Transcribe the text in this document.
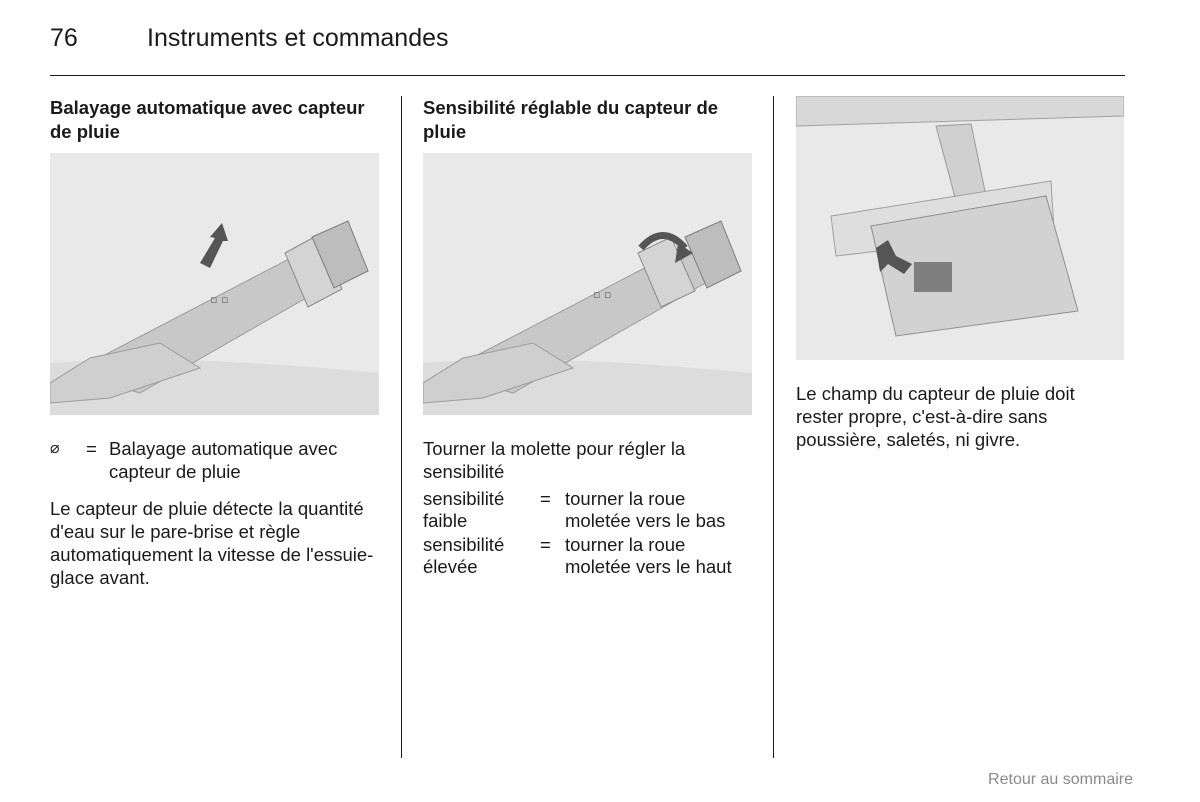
76	Instruments et commandes
Balayage automatique avec capteur de pluie
▫ ▫
⌀ = Balayage automatique avec
capteur de pluie

Le capteur de pluie détecte la quantité d'eau sur le pare-brise et règle automatiquement la vitesse de l'essuie-glace avant.

Sensibilité réglable du capteur de pluie
▫ ▫

Tourner la molette pour régler la sensibilité

sensibilité faible
= tourner la roue moletée vers le bas
sensibilité élevée
= tourner la roue moletée vers le haut

Le champ du capteur de pluie doit rester propre, c'est-à-dire sans poussière, saletés, ni givre.

Retour au sommaire
